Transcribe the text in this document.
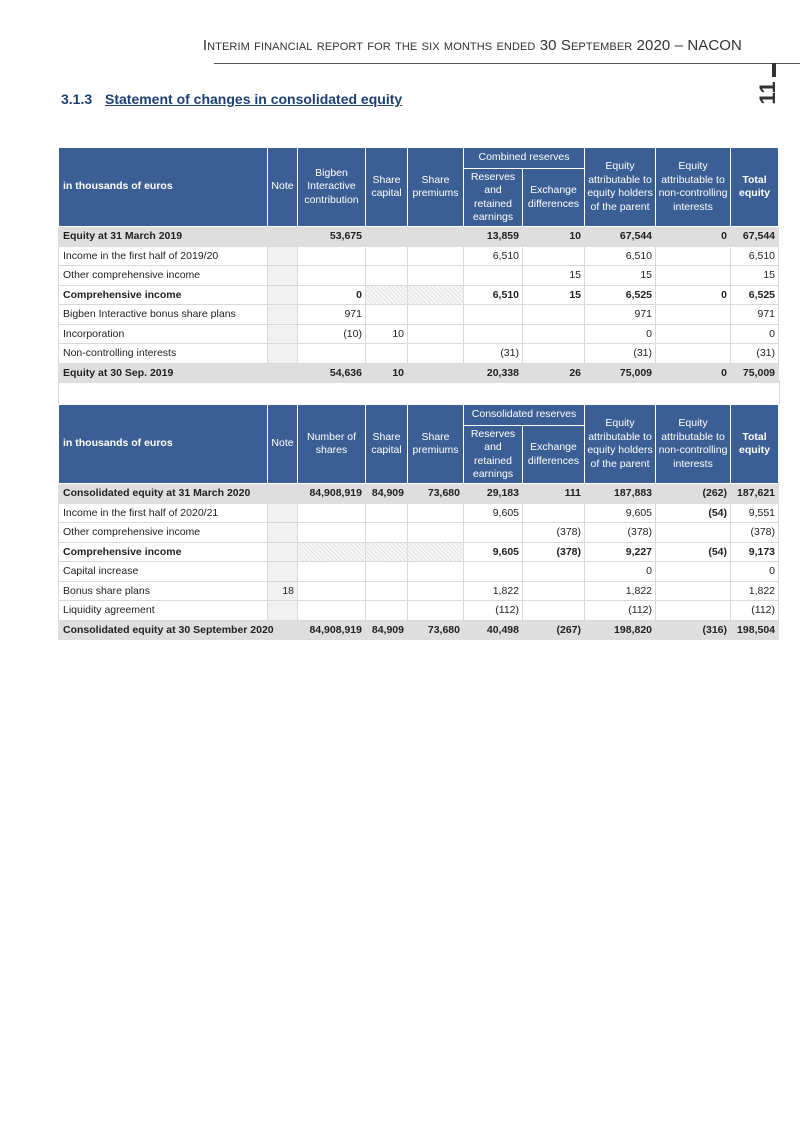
Interim financial report for the six months ended 30 September 2020 – NACON
11
3.1.3 Statement of changes in consolidated equity
in thousands of euros	Note	Bigben Interactive contribution	Share capital	Share premiums	Combined reserves		Equity attributable to equity holders of the parent	Equity attributable to non-controlling interests	Total equity
					Reserves and retained earnings	Exchange differences			
Equity at 31 March 2019		53,675			13,859	10	67,544	0	67,544
Income in the first half of 2019/20					6,510		6,510		6,510
Other comprehensive income						15	15		15
Comprehensive income		0			6,510	15	6,525	0	6,525
Bigben Interactive bonus share plans		971					971		971
Incorporation		(10)	10				0		0
Non-controlling interests					(31)		(31)		(31)
Equity at 30 Sep. 2019		54,636	10		20,338	26	75,009	0	75,009
in thousands of euros	Note	Number of shares	Share capital	Share premiums	Consolidated reserves		Equity attributable to equity holders of the parent	Equity attributable to non-controlling interests	Total equity
					Reserves and retained earnings	Exchange differences			
Consolidated equity at 31 March 2020		84,908,919	84,909	73,680	29,183	111	187,883	(262)	187,621
Income in the first half of 2020/21					9,605		9,605	(54)	9,551
Other comprehensive income						(378)	(378)		(378)
Comprehensive income					9,605	(378)	9,227	(54)	9,173
Capital increase							0		0
Bonus share plans	18				1,822		1,822		1,822
Liquidity agreement					(112)		(112)		(112)
Consolidated equity at 30 September 2020		84,908,919	84,909	73,680	40,498	(267)	198,820	(316)	198,504
